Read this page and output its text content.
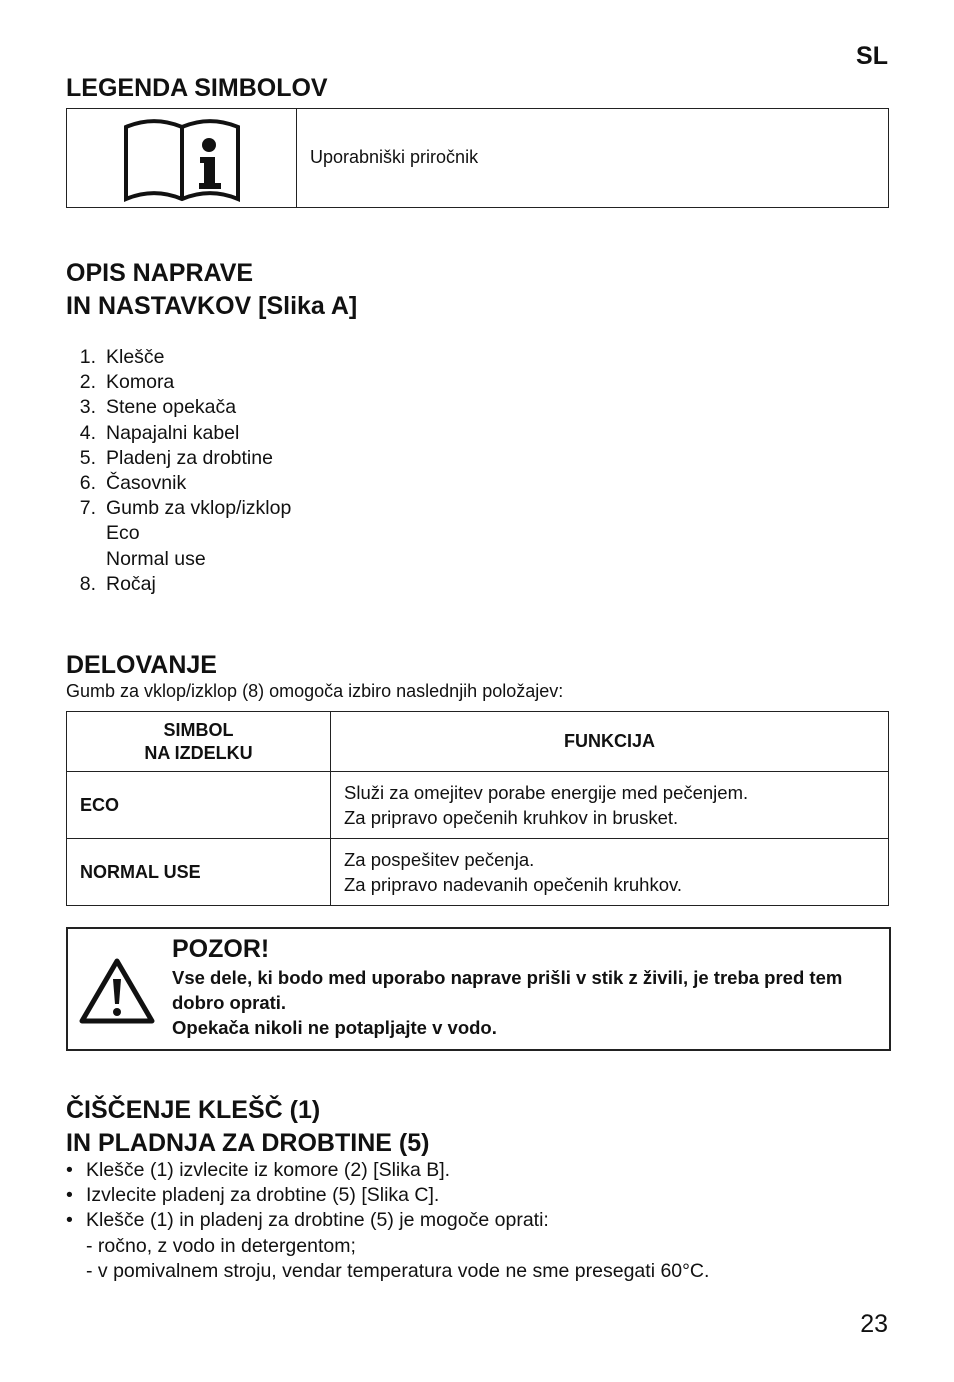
SL
LEGENDA SIMBOLOV
Uporabniški priročnik
OPIS NAPRAVE
IN NASTAVKOV [Slika A]
1. Klešče
2. Komora
3. Stene opekača
4. Napajalni kabel
5. Pladenj za drobtine
6. Časovnik
7. Gumb za vklop/izklop
Eco
Normal use
8. Ročaj
DELOVANJE
Gumb za vklop/izklop (8) omogoča izbiro naslednjih položajev:
SIMBOL
NA IZDELKU	FUNKCIJA
ECO	Služi za omejitev porabe energije med pečenjem.
Za pripravo opečenih kruhkov in brusket.

NORMAL USE	Za pospešitev pečenja.
Za pripravo nadevanih opečenih kruhkov.
POZOR!
Vse dele, ki bodo med uporabo naprave prišli v stik z živili, je treba pred tem dobro oprati.
Opekača nikoli ne potapljajte v vodo.
ČIŠČENJE KLEŠČ (1)
IN PLADNJA ZA DROBTINE (5)
• Klešče (1) izvlecite iz komore (2) [Slika B].
• Izvlecite pladenj za drobtine (5) [Slika C].
• Klešče (1) in pladenj za drobtine (5) je mogoče oprati:
- ročno, z vodo in detergentom;
- v pomivalnem stroju, vendar temperatura vode ne sme presegati 60°C.
23
